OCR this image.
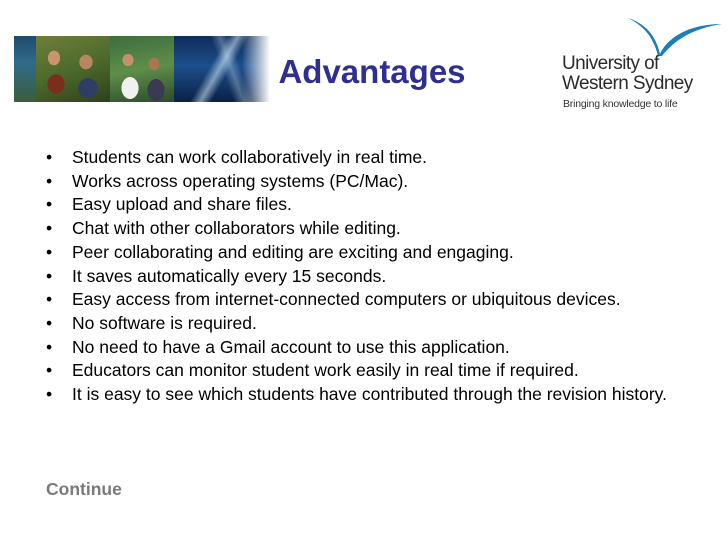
Advantages	University of
Western Sydney
Bringing knowledge to life
• Students can work collaboratively in real time.
• Works across operating systems (PC/Mac).
• Easy upload and share files.
• Chat with other collaborators while editing.
• Peer collaborating and editing are exciting and engaging.
• It saves automatically every 15 seconds.
• Easy access from internet-connected computers or ubiquitous devices.
• No software is required.
• No need to have a Gmail account to use this application.
• Educators can monitor student work easily in real time if required.
• It is easy to see which students have contributed through the revision history.
Continue
